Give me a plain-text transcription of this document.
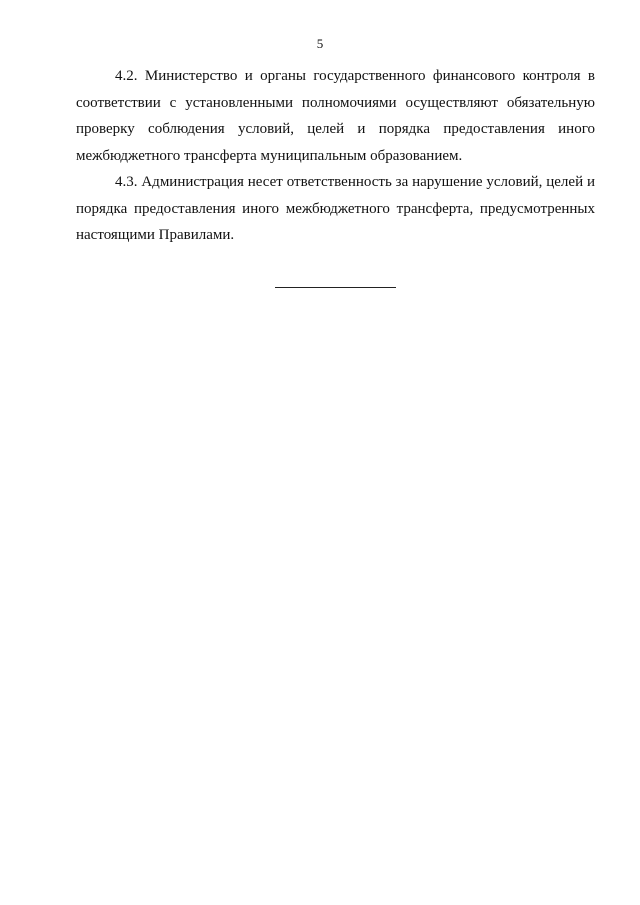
5

4.2. Министерство и органы государственного финансового контроля в соответствии с установленными полномочиями осуществляют обязательную проверку соблюдения условий, целей и порядка предоставления иного межбюджетного трансферта муниципальным образованием.

4.3. Администрация несет ответственность за нарушение условий, целей и порядка предоставления иного межбюджетного трансферта, предусмотренных настоящими Правилами.
